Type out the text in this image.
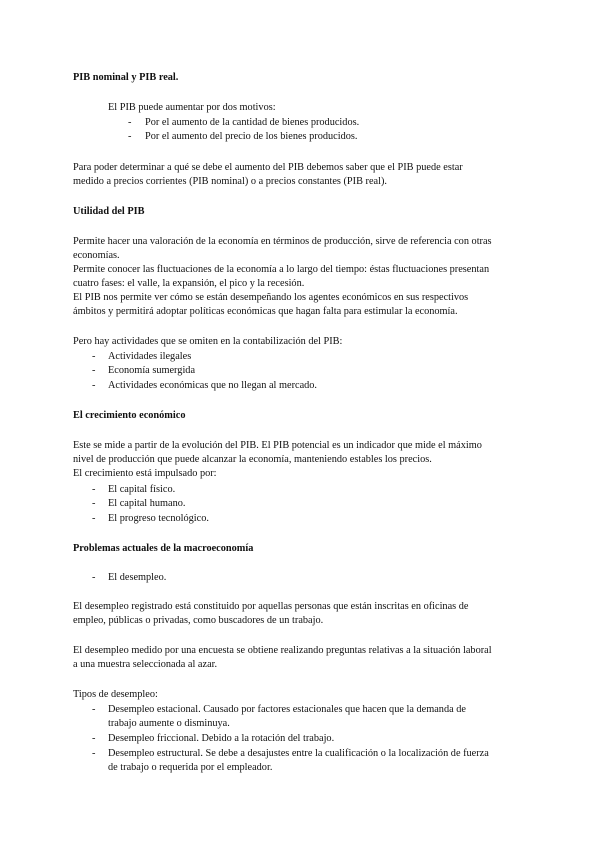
PIB nominal y PIB real.
El PIB puede aumentar por dos motivos:
- Por el aumento de la cantidad de bienes producidos.
- Por el aumento del precio de los bienes producidos.
Para poder determinar a qué se debe el aumento del PIB debemos saber que el PIB puede estar
medido a precios corrientes (PIB nominal) o a precios constantes (PIB real).
Utilidad del PIB
Permite hacer una valoración de la economía en términos de producción, sirve de referencia con otras
economías.
Permite conocer las fluctuaciones de la economía a lo largo del tiempo: éstas fluctuaciones presentan
cuatro fases: el valle, la expansión, el pico y la recesión.
El PIB nos permite ver cómo se están desempeñando los agentes económicos en sus respectivos
ámbitos y permitirá adoptar políticas económicas que hagan falta para estimular la economía.
Pero hay actividades que se omiten en la contabilización del PIB:
- Actividades ilegales
- Economía sumergida
- Actividades económicas que no llegan al mercado.
El crecimiento económico
Este se mide a partir de la evolución del PIB. El PIB potencial es un indicador que mide el máximo
nivel de producción que puede alcanzar la economía, manteniendo estables los precios.
El crecimiento está impulsado por:
- El capital físico.
- El capital humano.
- El progreso tecnológico.
Problemas actuales de la macroeconomía
- El desempleo.
El desempleo registrado está constituido por aquellas personas que están inscritas en oficinas de
empleo, públicas o privadas, como buscadores de un trabajo.
El desempleo medido por una encuesta se obtiene realizando preguntas relativas a la situación laboral
a una muestra seleccionada al azar.
Tipos de desempleo:
- Desempleo estacional. Causado por factores estacionales que hacen que la demanda de
trabajo aumente o disminuya.
- Desempleo friccional. Debido a la rotación del trabajo.
- Desempleo estructural. Se debe a desajustes entre la cualificación o la localización de fuerza
de trabajo o requerida por el empleador.
